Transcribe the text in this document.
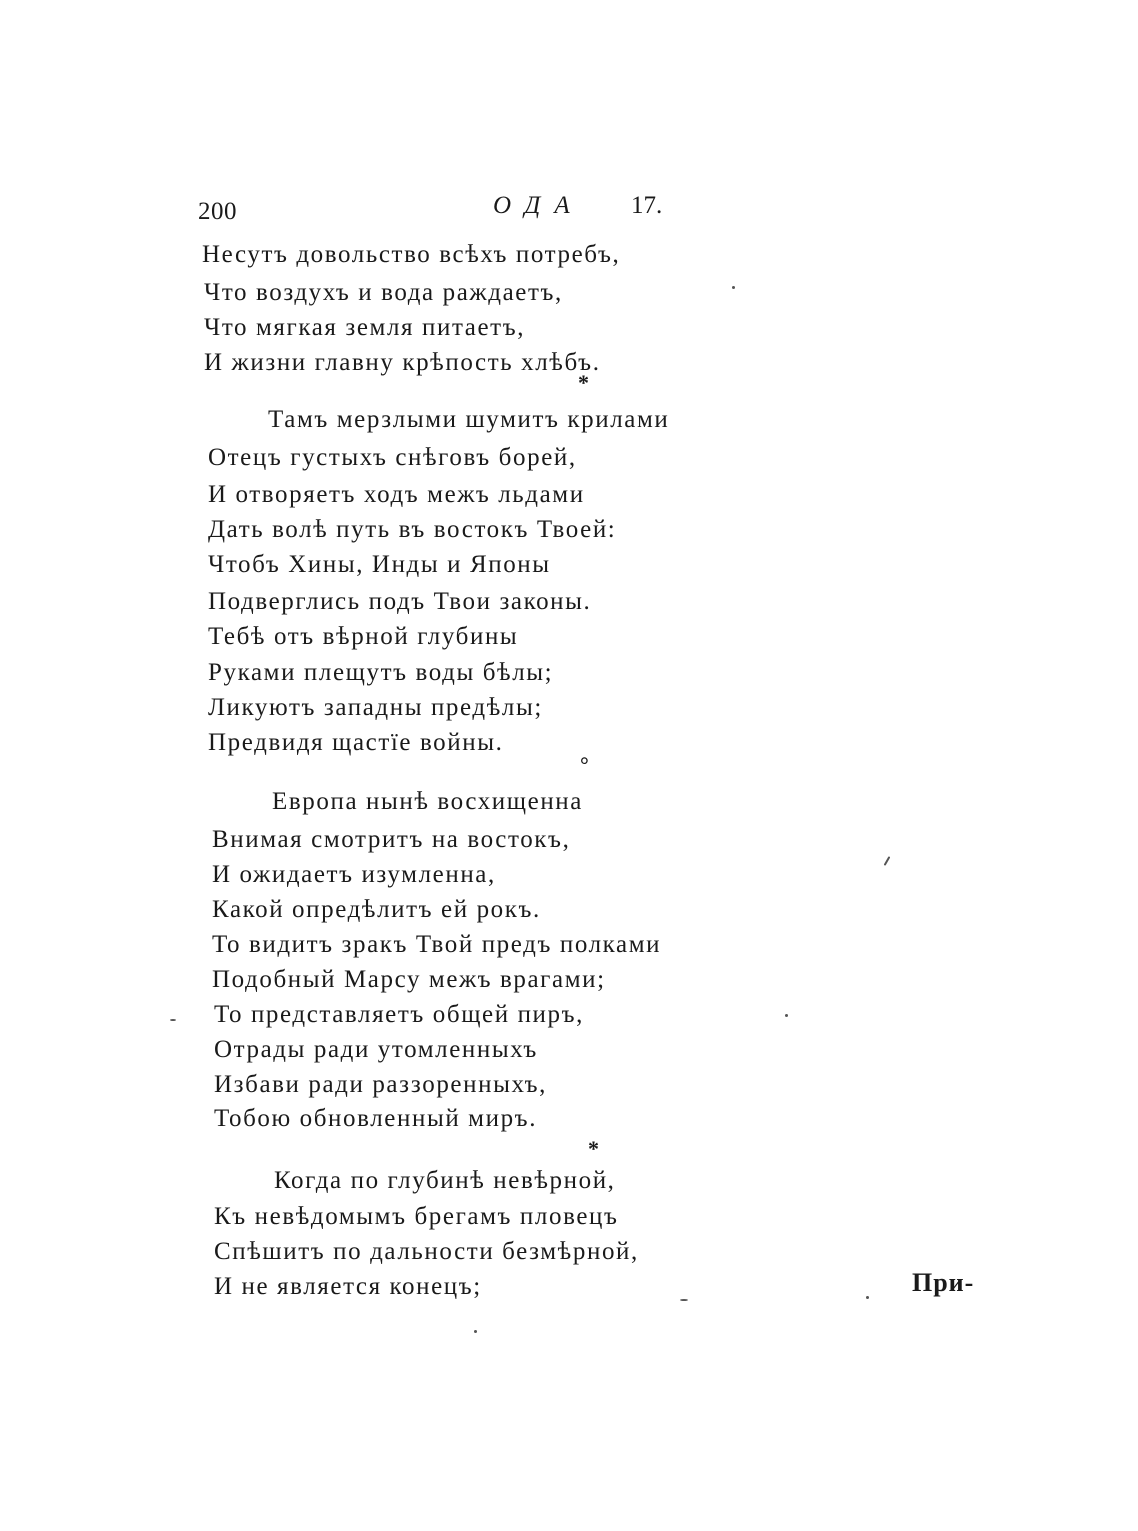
200	ОДА 17.
Несутъ довольство всѣхъ потребъ,
Что воздухъ и вода раждаетъ,
Что мягкая земля питаетъ,
И жизни главну крѣпость хлѣбъ.
*
Тамъ мерзлыми шумитъ крилами
Отецъ густыхъ снѣговъ борей,
И отворяетъ ходъ межъ льдами
Дать волѣ путь въ востокъ Твоей:
Чтобъ Хины, Инды и Японы
Подверглись подъ Твои законы.
Тебѣ отъ вѣрной глубины
Руками плещутъ воды бѣлы;
Ликуютъ западны предѣлы;
Предвидя щастїе войны.
°
Европа нынѣ восхищенна
Внимая смотритъ на востокъ,
И ожидаетъ изумленна,
Какой опредѣлитъ ей рокъ.
То видитъ зракъ Твой предъ полками
Подобный Марсу межъ врагами;
То представляетъ общей пиръ,
Отрады ради утомленныхъ
Избави ради раззоренныхъ,
Тобою обновленный миръ.
*
Когда по глубинѣ невѣрной,
Къ невѣдомымъ брегамъ пловецъ
Спѣшитъ по дальности безмѣрной,
И не является конецъ;	При-
